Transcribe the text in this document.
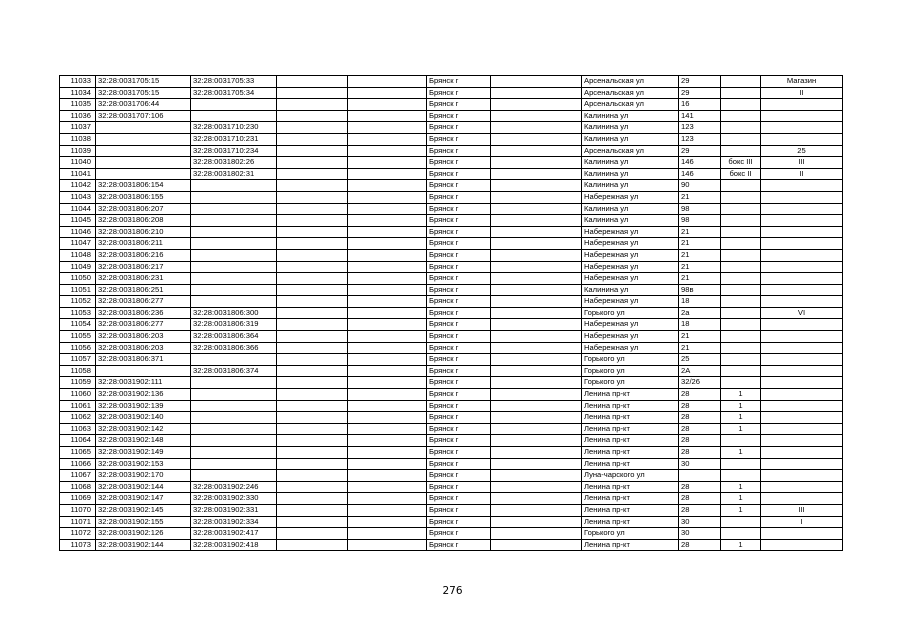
11033	32:28:0031705:15	32:28:0031705:33			Брянск г		Арсенальская ул	29		Магазин
11034	32:28:0031705:15	32:28:0031705:34			Брянск г		Арсенальская ул	29		II
11035	32:28:0031706:44				Брянск г		Арсенальская ул	16		
11036	32:28:0031707:106				Брянск г		Калинина ул	141		
11037		32:28:0031710:230			Брянск г		Калинина ул	123		
11038		32:28:0031710:231			Брянск г		Калинина ул	123		
11039		32:28:0031710:234			Брянск г		Арсенальская ул	29		25
11040		32:28:0031802:26			Брянск г		Калинина ул	146	бокс III	III
11041		32:28:0031802:31			Брянск г		Калинина ул	146	бокс II	II
11042	32:28:0031806:154				Брянск г		Калинина ул	90		
11043	32:28:0031806:155				Брянск г		Набережная ул	21		
11044	32:28:0031806:207				Брянск г		Калинина ул	98		
11045	32:28:0031806:208				Брянск г		Калинина ул	98		
11046	32:28:0031806:210				Брянск г		Набережная ул	21		
11047	32:28:0031806:211				Брянск г		Набережная ул	21		
11048	32:28:0031806:216				Брянск г		Набережная ул	21		
11049	32:28:0031806:217				Брянск г		Набережная ул	21		
11050	32:28:0031806:231				Брянск г		Набережная ул	21		
11051	32:28:0031806:251				Брянск г		Калинина ул	98в		
11052	32:28:0031806:277				Брянск г		Набережная ул	18		
11053	32:28:0031806:236	32:28:0031806:300			Брянск г		Горького ул	2а		VI
11054	32:28:0031806:277	32:28:0031806:319			Брянск г		Набережная ул	18		
11055	32:28:0031806:203	32:28:0031806:364			Брянск г		Набережная ул	21		
11056	32:28:0031806:203	32:28:0031806:366			Брянск г		Набережная ул	21		
11057	32:28:0031806:371				Брянск г		Горького ул	25		
11058		32:28:0031806:374			Брянск г		Горького ул	2А		
11059	32:28:0031902:111				Брянск г		Горького ул	32/26		
11060	32:28:0031902:136				Брянск г		Ленина пр-кт	28	1	
11061	32:28:0031902:139				Брянск г		Ленина пр-кт	28	1	
11062	32:28:0031902:140				Брянск г		Ленина пр-кт	28	1	
11063	32:28:0031902:142				Брянск г		Ленина пр-кт	28	1	
11064	32:28:0031902:148				Брянск г		Ленина пр-кт	28		
11065	32:28:0031902:149				Брянск г		Ленина пр-кт	28	1	
11066	32:28:0031902:153				Брянск г		Ленина пр-кт	30		
11067	32:28:0031902:170				Брянск г		Луна-чарского ул			
11068	32:28:0031902:144	32:28:0031902:246			Брянск г		Ленина пр-кт	28	1	
11069	32:28:0031902:147	32:28:0031902:330			Брянск г		Ленина пр-кт	28	1	
11070	32:28:0031902:145	32:28:0031902:331			Брянск г		Ленина пр-кт	28	1	III
11071	32:28:0031902:155	32:28:0031902:334			Брянск г		Ленина пр-кт	30		I
11072	32:28:0031902:126	32:28:0031902:417			Брянск г		Горького ул	30		
11073	32:28:0031902:144	32:28:0031902:418			Брянск г		Ленина пр-кт	28	1	
276
